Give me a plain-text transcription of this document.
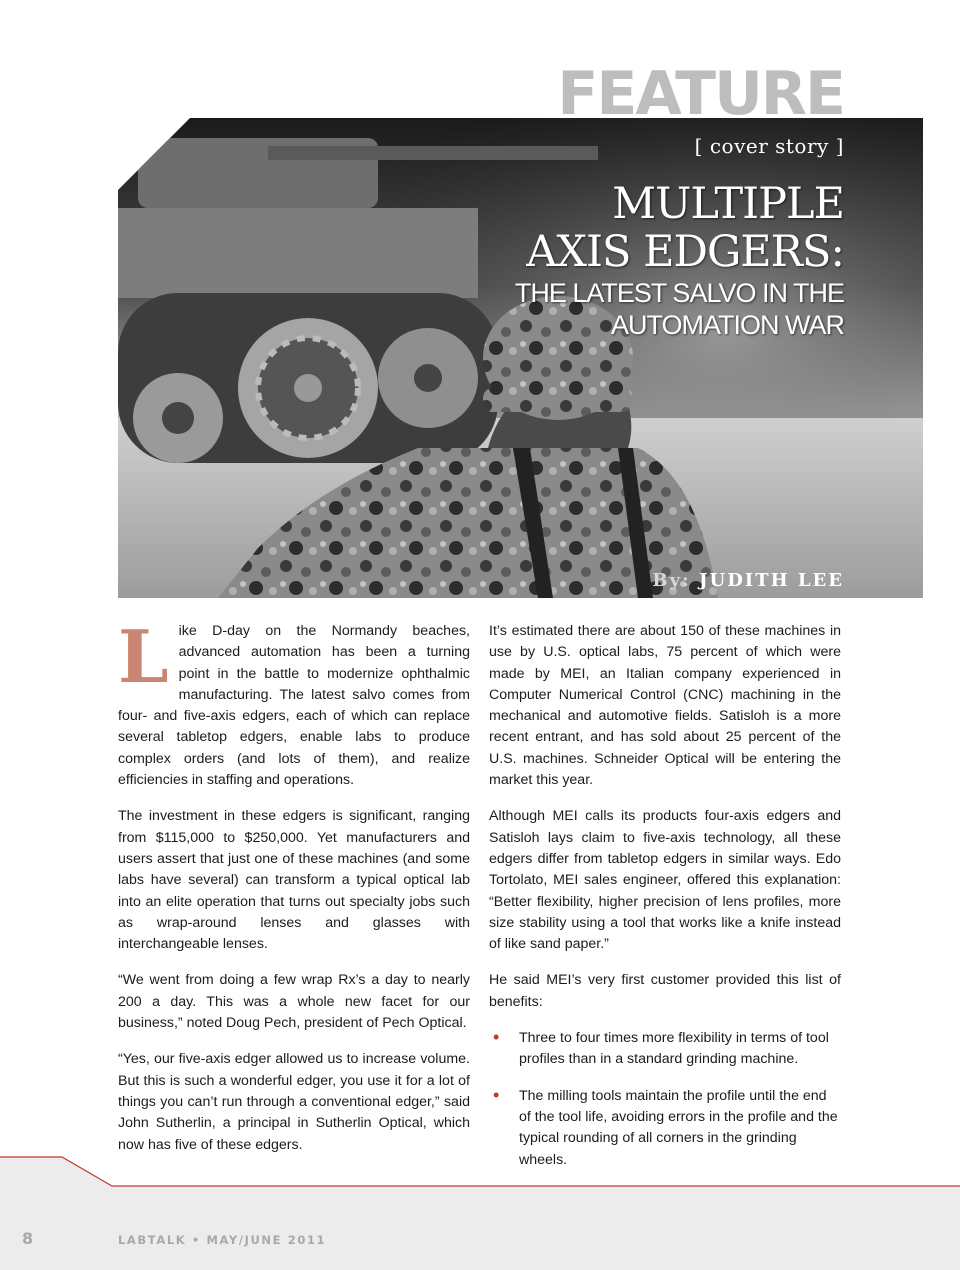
FEATURE
[ cover story ]
MULTIPLE
AXIS EDGERS:
THE LATEST SALVO IN THE
AUTOMATION WAR
By: JUDITH LEE

Like D-day on the Normandy beaches, advanced automation has been a turning point in the battle to modernize ophthalmic manufacturing. The latest salvo comes from four- and five-axis edgers, each of which can replace several tabletop edgers, enable labs to produce complex orders (and lots of them), and realize efficiencies in staffing and operations.

The investment in these edgers is significant, ranging from $115,000 to $250,000. Yet manufacturers and users assert that just one of these machines (and some labs have several) can transform a typical optical lab into an elite operation that turns out specialty jobs such as wrap-around lenses and glasses with interchangeable lenses.

“We went from doing a few wrap Rx’s a day to nearly 200 a day. This was a whole new facet for our business,” noted Doug Pech, president of Pech Optical.

“Yes, our five-axis edger allowed us to increase volume. But this is such a wonderful edger, you use it for a lot of things you can’t run through a conventional edger,” said John Sutherlin, a principal in Sutherlin Optical, which now has five of these edgers.

It’s estimated there are about 150 of these machines in use by U.S. optical labs, 75 percent of which were made by MEI, an Italian company experienced in Computer Numerical Control (CNC) machining in the mechanical and automotive fields. Satisloh is a more recent entrant, and has sold about 25 percent of the U.S. machines. Schneider Optical will be entering the market this year.

Although MEI calls its products four-axis edgers and Satisloh lays claim to five-axis technology, all these edgers differ from tabletop edgers in similar ways. Edo Tortolato, MEI sales engineer, offered this explanation: “Better flexibility, higher precision of lens profiles, more size stability using a tool that works like a knife instead of like sand paper.”

He said MEI’s very first customer provided this list of benefits:

• Three to four times more flexibility in terms of tool profiles than in a standard grinding machine.
• The milling tools maintain the profile until the end of the tool life, avoiding errors in the profile and the typical rounding of all corners in the grinding wheels.
8	LABTALK • MAY/JUNE 2011
